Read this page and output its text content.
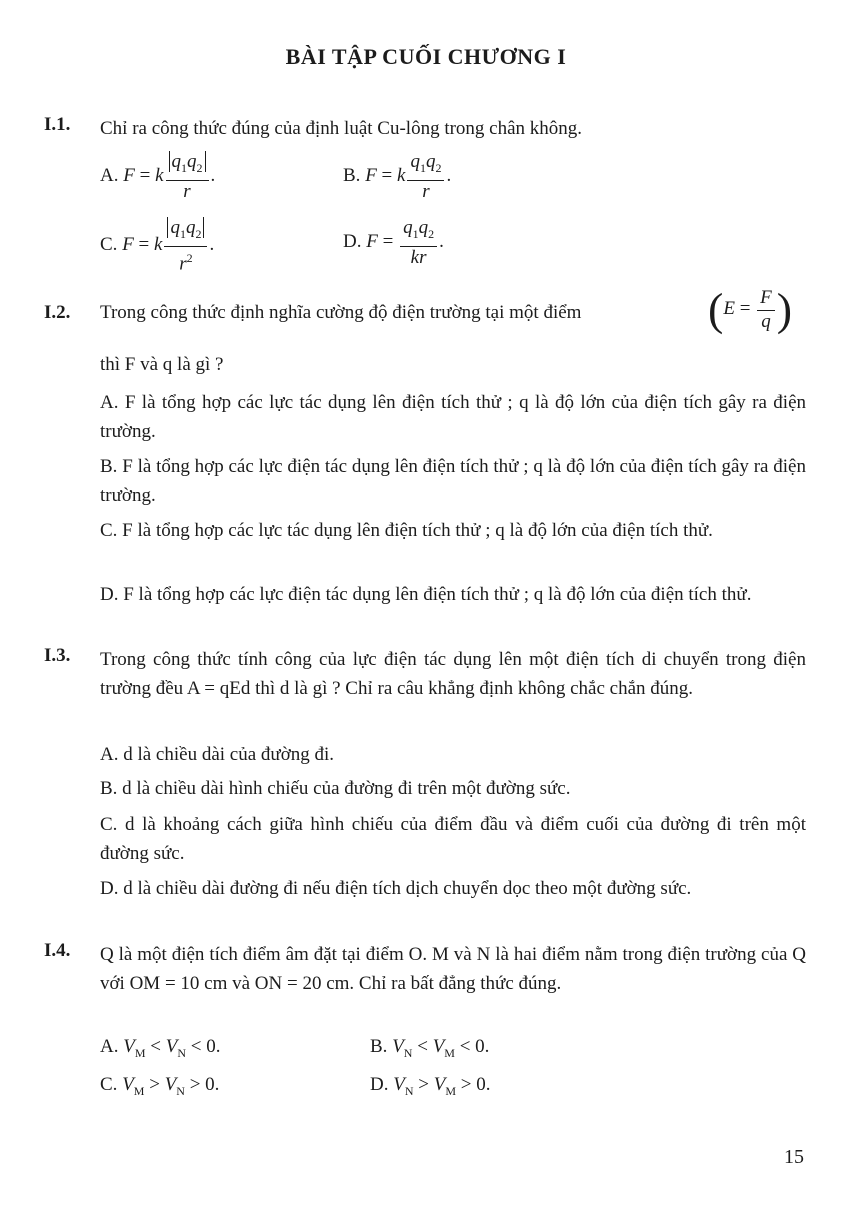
BÀI TẬP CUỐI CHƯƠNG I
I.1. Chỉ ra công thức đúng của định luật Cu-lông trong chân không.
A. F = k $\frac{q_1q_2}{r}$ .	B. F = k $\frac{q_1q_2}{r}$ .
C. F = k $\frac{q_1q_2}{r^2}$ .	D. $F = \frac{q_1q_2}{kr}$ .
I.2. Trong công thức định nghĩa cường độ điện trường tại một điểm	($E = \frac{F}{q}$ )
thì F và q là gì ?
A. F là tổng hợp các lực tác dụng lên điện tích thử ; q là độ lớn của điện tích gây ra điện trường.
B. F là tổng hợp các lực điện tác dụng lên điện tích thử ; q là độ lớn của điện tích gây ra điện trường.
C. F là tổng hợp các lực tác dụng lên điện tích thử ; q là độ lớn của điện tích thử.
D. F là tổng hợp các lực điện tác dụng lên điện tích thử ; q là độ lớn của điện tích thử.
I.3. Trong công thức tính công của lực điện tác dụng lên một điện tích di chuyển trong điện trường đều A = qEd thì d là gì ? Chỉ ra câu khẳng định không chắc chắn đúng.
A. d là chiều dài của đường đi.
B. d là chiều dài hình chiếu của đường đi trên một đường sức.
C. d là khoảng cách giữa hình chiếu của điểm đầu và điểm cuối của đường đi trên một đường sức.
D. d là chiều dài đường đi nếu điện tích dịch chuyển dọc theo một đường sức.
I.4. Q là một điện tích điểm âm đặt tại điểm O. M và N là hai điểm nằm trong điện trường của Q với OM = 10 cm và ON = 20 cm. Chỉ ra bất đẳng thức đúng.
A. $V_M < V_N < 0$.	B. $V_N < V_M < 0$.
C. $V_M > V_N > 0$.	D. $V_N > V_M > 0$.
15
